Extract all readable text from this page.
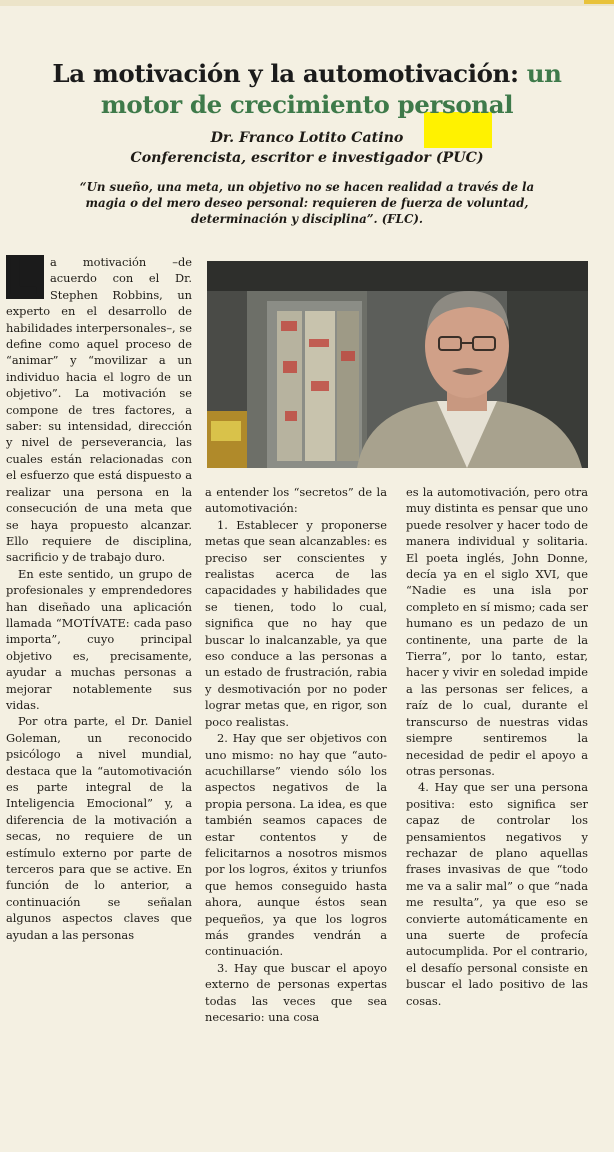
La motivación y la automotivación: un motor de crecimiento personal
Dr. Franco Lotito Catino
Conferencista, escritor e investigador (PUC)
“Un sueño, una meta, un objetivo no se hacen realidad a través de la magia o del mero deseo personal: requieren de fuerza de voluntad, determinación y disciplina”. (FLC).

L	a motivación –de acuerdo con el Dr. Stephen Robbins, un experto en el desarrollo de habilidades interpersonales–, se define como aquel proceso de “animar” y “movilizar a un individuo hacia el logro de un objetivo”. La motivación se compone de tres factores, a saber: su intensidad, dirección y nivel de perseverancia, las cuales están relacionadas con el esfuerzo que está dispuesto a realizar una persona en la consecución de una meta que se haya propuesto alcanzar. Ello requiere de disciplina, sacrificio y de trabajo duro.

En este sentido, un grupo de profesionales y emprendedores han diseñado una aplicación llamada “MOTÍVATE: cada paso importa”, cuyo principal objetivo es, precisamente, ayudar a muchas personas a mejorar notablemente sus vidas.

Por otra parte, el Dr. Daniel Goleman, un reconocido psicólogo a nivel mundial, destaca que la “automotivación es parte integral de la Inteligencia Emocional” y, a diferencia de la motivación a secas, no requiere de un estímulo externo por parte de terceros para que se active. En función de lo anterior, a continuación se señalan algunos aspectos claves que ayudan a las personas

a entender los “secretos” de la automotivación:

1. Establecer y proponerse metas que sean alcanzables: es preciso ser conscientes y realistas acerca de las capacidades y habilidades que se tienen, todo lo cual, significa que no hay que buscar lo inalcanzable, ya que eso conduce a las personas a un estado de frustración, rabia y desmotivación por no poder lograr metas que, en rigor, son poco realistas.

2. Hay que ser objetivos con uno mismo: no hay que “auto-acuchillarse” viendo sólo los aspectos negativos de la propia persona. La idea, es que también seamos capaces de estar contentos y de felicitarnos a nosotros mismos por los logros, éxitos y triunfos que hemos conseguido hasta ahora, aunque éstos sean pequeños, ya que los logros más grandes vendrán a continuación.

3. Hay que buscar el apoyo externo de personas expertas todas las veces que sea necesario: una cosa

es la automotivación, pero otra muy distinta es pensar que uno puede resolver y hacer todo de manera individual y solitaria. El poeta inglés, John Donne, decía ya en el siglo XVI, que “Nadie es una isla por completo en sí mismo; cada ser humano es un pedazo de un continente, una parte de la Tierra”, por lo tanto, estar, hacer y vivir en soledad impide a las personas ser felices, a raíz de lo cual, durante el transcurso de nuestras vidas siempre sentiremos la necesidad de pedir el apoyo a otras personas.

4. Hay que ser una persona positiva: esto significa ser capaz de controlar los pensamientos negativos y rechazar de plano aquellas frases invasivas de que “todo me va a salir mal” o que “nada me resulta”, ya que eso se convierte automáticamente en una suerte de profecía autocumplida. Por el contrario, el desafío personal consiste en buscar el lado positivo de las cosas.
